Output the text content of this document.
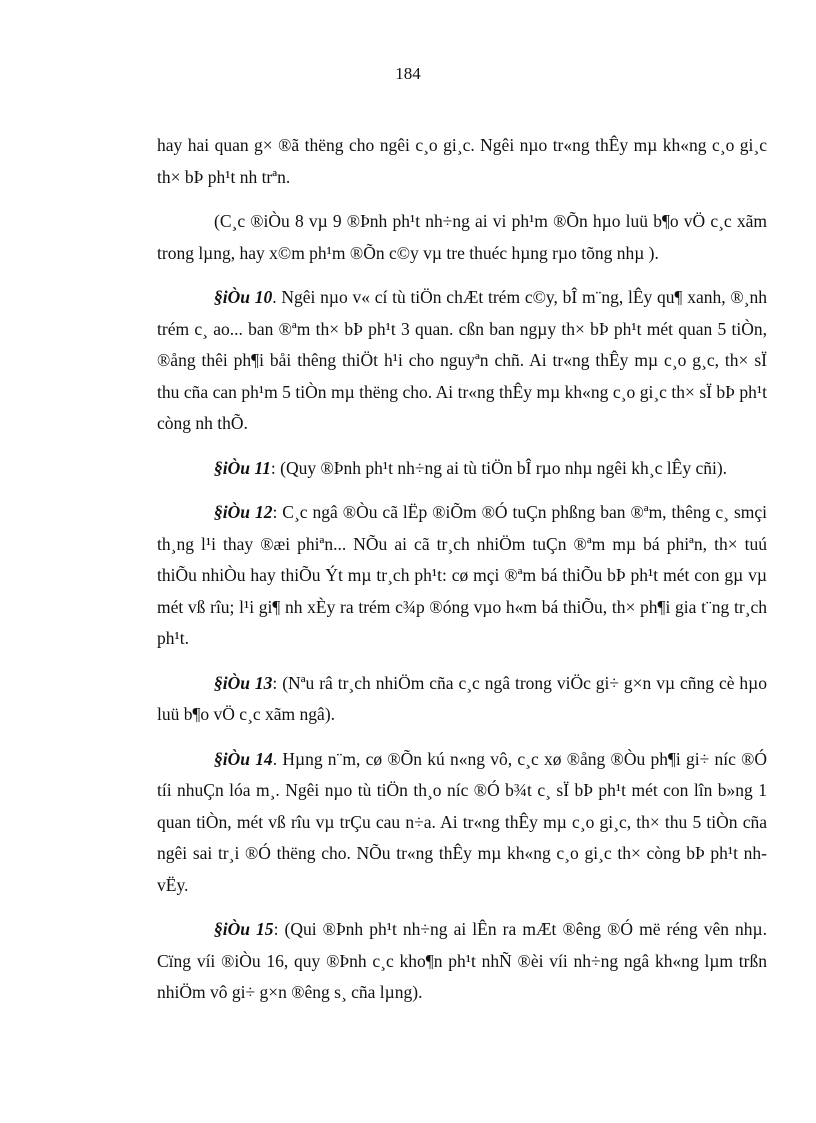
184

hay hai quan g× ®ã thëng cho ngêi c¸o gi¸c. Ngêi nµo tr«ng thÊy mµ kh«ng c¸o gi¸c th× bÞ ph¹t nh trªn.

(C¸c ®iÒu 8 vµ 9 ®Þnh ph¹t nh÷ng ai vi ph¹m ®Õn hµo luü b¶o vÖ c¸c xãm trong lµng, hay x©m ph¹m ®Õn c©y vµ tre thuéc hµng rµo tõng nhµ ).

§iÒu 10. Ngêi nµo v« cí tù tiÖn chÆt trém c©y, bÎ m¨ng, lÊy qu¶ xanh, ®¸nh trém c¸ ao... ban ®ªm th× bÞ ph¹t 3 quan. cßn ban ngµy th× bÞ ph¹t mét quan 5 tiÒn, ®ång thêi ph¶i båi thêng thiÖt h¹i cho nguyªn chñ. Ai tr«ng thÊy mµ c¸o g¸c, th× sÏ thu cña can ph¹m 5 tiÒn mµ thëng cho. Ai tr«ng thÊy mµ kh«ng c¸o gi¸c th× sÏ bÞ ph¹t còng nh thÕ.

§iÒu 11: (Quy ®Þnh ph¹t nh÷ng ai tù tiÖn bÎ rµo nhµ ngêi kh¸c lÊy cñi).

§iÒu 12: C¸c ngâ ®Òu cã lËp ®iÕm ®Ó tuÇn phßng ban ®ªm, thêng c¸ smçi th¸ng l¹i thay ®æi phiªn... NÕu ai cã tr¸ch nhiÖm tuÇn ®ªm mµ bá phiªn, th× tuú thiÕu nhiÒu hay thiÕu Ýt mµ tr¸ch ph¹t: cø mçi ®ªm bá thiÕu bÞ ph¹t mét con gµ vµ mét vß rîu; l¹i gi¶ nh xÈy ra trém c¾p ®óng vµo h«m bá thiÕu, th× ph¶i gia t¨ng tr¸ch ph¹t.

§iÒu 13: (Nªu râ tr¸ch nhiÖm cña c¸c ngâ trong viÖc gi÷ g×n vµ cñng cè hµo luü b¶o vÖ c¸c xãm ngâ).

§iÒu 14. Hµng n¨m, cø ®Õn kú n«ng vô, c¸c xø ®ång ®Òu ph¶i gi÷ níc ®Ó tíi nhuÇn lóa m¸. Ngêi nµo tù tiÖn th¸o níc ®Ó b¾t c¸ sÏ bÞ ph¹t mét con lîn b»ng 1 quan tiÒn, mét vß rîu vµ trÇu cau n÷a. Ai tr«ng thÊy mµ c¸o gi¸c, th× thu 5 tiÒn cña ngêi sai tr¸i ®Ó thëng cho. NÕu tr«ng thÊy mµ kh«ng c¸o gi¸c th× còng bÞ ph¹t nh vËy.

§iÒu 15: (Qui ®Þnh ph¹t nh÷ng ai lÊn ra mÆt ®êng ®Ó më réng vên nhµ. Cïng víi ®iÒu 16, quy ®Þnh c¸c kho¶n ph¹t nhÑ ®èi víi nh÷ng ngâ kh«ng lµm trßn nhiÖm vô gi÷ g×n ®êng s¸ cña lµng).
